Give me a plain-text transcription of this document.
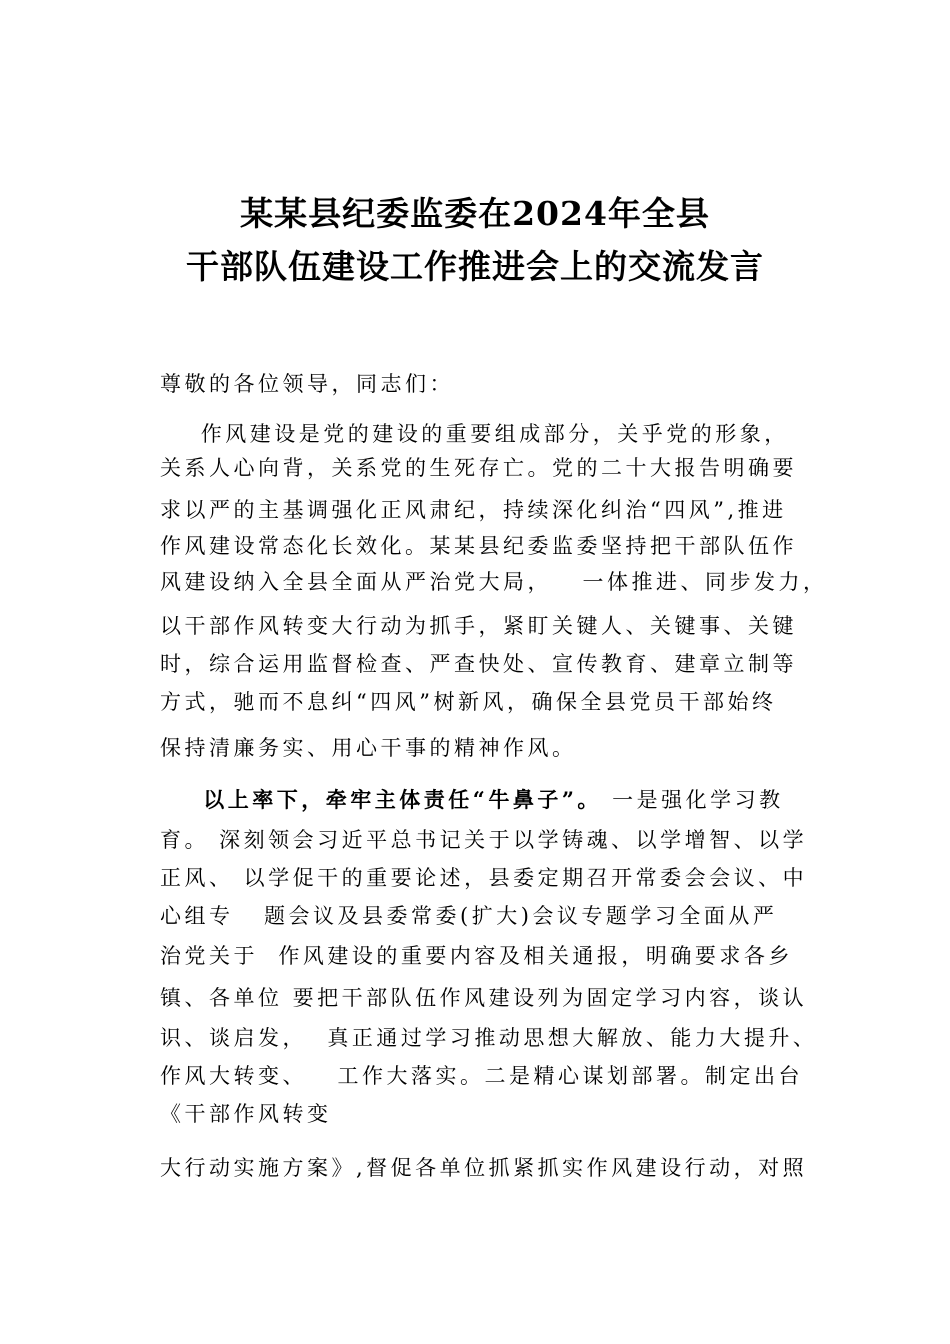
某某县纪委监委在2024年全县
干部队伍建设工作推进会上的交流发言
尊敬的各位领导，同志们：
作风建设是党的建设的重要组成部分，关乎党的形象，
关系人心向背，关系党的生死存亡。党的二十大报告明确要
求以严的主基调强化正风肃纪，持续深化纠治“四风”,推进
作风建设常态化长效化。某某县纪委监委坚持把干部队伍作
风建设纳入全县全面从严治党大局，   一体推进、同步发力，
以干部作风转变大行动为抓手，紧盯关键人、关键事、关键
时，综合运用监督检查、严查快处、宣传教育、建章立制等
方式，驰而不息纠“四风”树新风，确保全县党员干部始终
保持清廉务实、用心干事的精神作风。
以上率下，牵牢主体责任“牛鼻子”。 一是强化学习教
育。 深刻领会习近平总书记关于以学铸魂、以学增智、以学
正风、 以学促干的重要论述，县委定期召开常委会会议、中
心组专   题会议及县委常委(扩大)会议专题学习全面从严
治党关于  作风建设的重要内容及相关通报，明确要求各乡
镇、各单位 要把干部队伍作风建设列为固定学习内容，谈认
识、谈启发，  真正通过学习推动思想大解放、能力大提升、
作风大转变、   工作大落实。二是精心谋划部署。制定出台
《干部作风转变
大行动实施方案》,督促各单位抓紧抓实作风建设行动，对照
